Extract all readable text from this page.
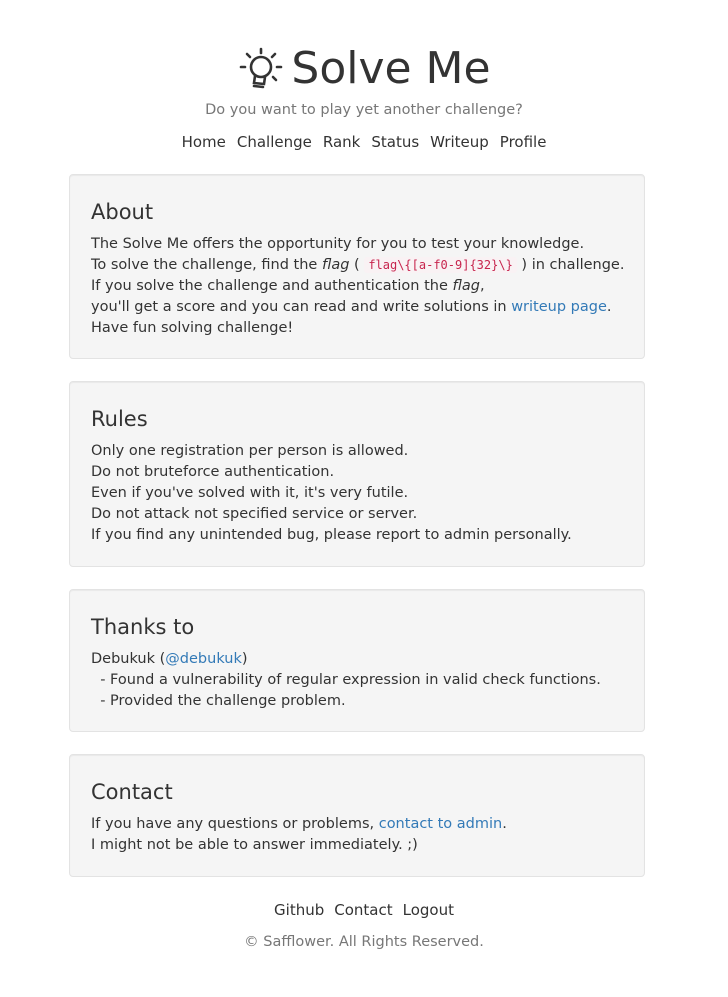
Solve Me
Do you want to play yet another challenge?
Home Challenge Rank Status Writeup Profile
About
The Solve Me offers the opportunity for you to test your knowledge.
To solve the challenge, find the flag ( flag\{[a-f0-9]{32}\} ) in challenge.
If you solve the challenge and authentication the flag,
you'll get a score and you can read and write solutions in writeup page.
Have fun solving challenge!
Rules
Only one registration per person is allowed.
Do not bruteforce authentication.
Even if you've solved with it, it's very futile.
Do not attack not specified service or server.
If you find any unintended bug, please report to admin personally.
Thanks to
Debukuk (@debukuk)
- Found a vulnerability of regular expression in valid check functions.
- Provided the challenge problem.
Contact
If you have any questions or problems, contact to admin.
I might not be able to answer immediately. ;)
Github Contact Logout
© Safflower. All Rights Reserved.
